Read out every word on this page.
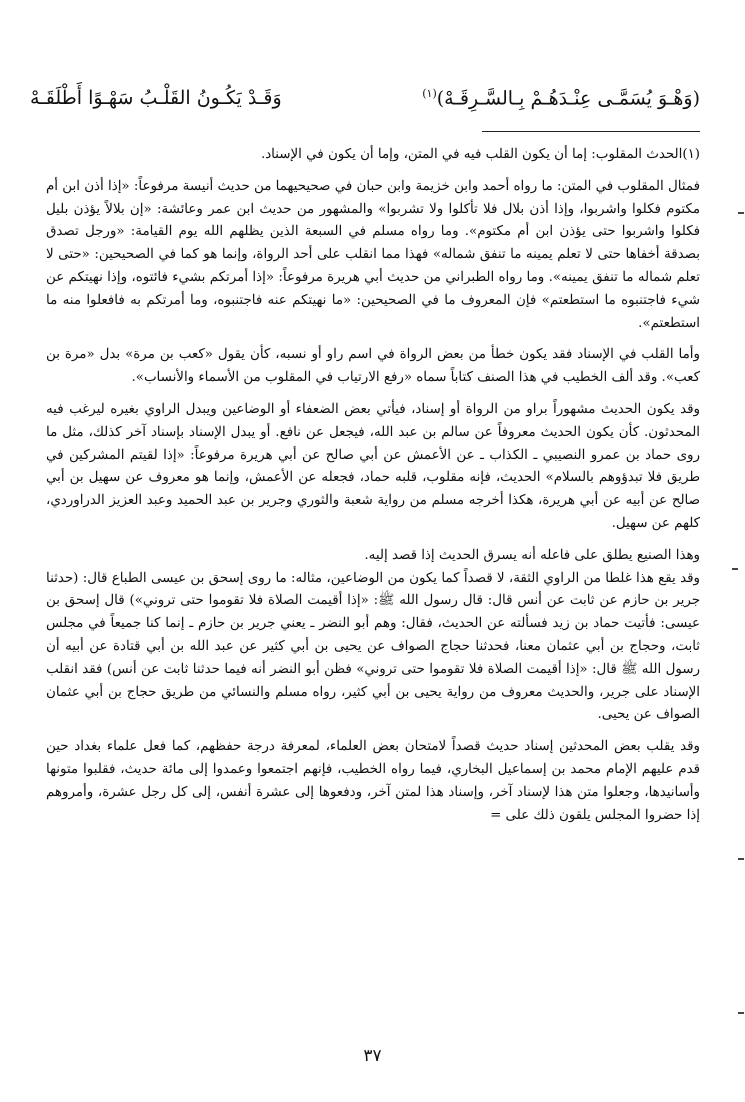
(وَهْـوَ يُسَمَّـى عِنْـدَهُـمْ بِـالسَّـرِقَـهْ)$^{(١)}$
وَقَـدْ يَكُـونُ القَلْـبُ سَهْـوًا أَطْلَقَـهْ

(١)الحدث المقلوب: إما أن يكون القلب فيه في المتن، وإما أن يكون في الإسناد.

فمثال المقلوب في المتن: ما رواه أحمد وابن خزيمة وابن حبان في صحيحيهما من حديث أنيسة مرفوعاً: «إذا أذن ابن أم مكتوم فكلوا واشربوا، وإذا أذن بلال فلا تأكلوا ولا تشربوا» والمشهور من حديث ابن عمر وعائشة: «إن بلالاً يؤذن بليل فكلوا واشربوا حتى يؤذن ابن أم مكتوم». وما رواه مسلم في السبعة الذين يظلهم الله يوم القيامة: «ورجل تصدق بصدقة أخفاها حتى لا تعلم يمينه ما تنفق شماله» فهذا مما انقلب على أحد الرواة، وإنما هو كما في الصحيحين: «حتى لا تعلم شماله ما تنفق يمينه». وما رواه الطبراني من حديث أبي هريرة مرفوعاً: «إذا أمرتكم بشيء فائتوه، وإذا نهيتكم عن شيء فاجتنبوه ما استطعتم» فإن المعروف ما في الصحيحين: «ما نهيتكم عنه فاجتنبوه، وما أمرتكم به فافعلوا منه ما استطعتم».

وأما القلب في الإسناد فقد يكون خطأ من بعض الرواة في اسم راو أو نسبه، كأن يقول «كعب بن مرة» بدل «مرة بن كعب». وقد ألف الخطيب في هذا الصنف كتاباً سماه «رفع الارتياب في المقلوب من الأسماء والأنساب».

وقد يكون الحديث مشهوراً براو من الرواة أو إسناد، فيأتي بعض الضعفاء أو الوضاعين ويبدل الراوي بغيره ليرغب فيه المحدثون. كأن يكون الحديث معروفاً عن سالم بن عبد الله، فيجعل عن نافع. أو يبدل الإسناد بإسناد آخر كذلك، مثل ما روى حماد بن عمرو النصيبي ـ الكذاب ـ عن الأعمش عن أبي صالح عن أبي هريرة مرفوعاً: «إذا لقيتم المشركين في طريق فلا تبدؤوهم بالسلام» الحديث، فإنه مقلوب، قلبه حماد، فجعله عن الأعمش، وإنما هو معروف عن سهيل بن أبي صالح عن أبيه عن أبي هريرة، هكذا أخرجه مسلم من رواية شعبة والثوري وجرير بن عبد الحميد وعبد العزيز الدراوردي، كلهم عن سهيل.

وهذا الصنيع يطلق على فاعله أنه يسرق الحديث إذا قصد إليه.

وقد يقع هذا غلطا من الراوي الثقة، لا قصداً كما يكون من الوضاعين، مثاله: ما روى إسحق بن عيسى الطباع قال: (حدثنا جرير بن حازم عن ثابت عن أنس قال: قال رسول الله ﷺ: «إذا أقيمت الصلاة فلا تقوموا حتى تروني») قال إسحق بن عيسى: فأتيت حماد بن زيد فسألته عن الحديث، فقال: وهم أبو النضر ـ يعني جرير بن حازم ـ إنما كنا جميعاً في مجلس ثابت، وحجاج بن أبي عثمان معنا، فحدثنا حجاج الصواف عن يحيى بن أبي كثير عن عبد الله بن أبي قتادة عن أبيه أن رسول الله ﷺ قال: «إذا أقيمت الصلاة فلا تقوموا حتى تروني» فظن أبو النضر أنه فيما حدثنا ثابت عن أنس) فقد انقلب الإسناد على جرير، والحديث معروف من رواية يحيى بن أبي كثير، رواه مسلم والنسائي من طريق حجاج بن أبي عثمان الصواف عن يحيى.

وقد يقلب بعض المحدثين إسناد حديث قصداً لامتحان بعض العلماء، لمعرفة درجة حفظهم، كما فعل علماء بغداد حين قدم عليهم الإمام محمد بن إسماعيل البخاري، فيما رواه الخطيب، فإنهم اجتمعوا وعمدوا إلى مائة حديث، فقلبوا متونها وأسانيدها، وجعلوا متن هذا لإسناد آخر، وإسناد هذا لمتن آخر، ودفعوها إلى عشرة أنفس، إلى كل رجل عشرة، وأمروهم إذا حضروا المجلس يلقون ذلك على =

٣٧
